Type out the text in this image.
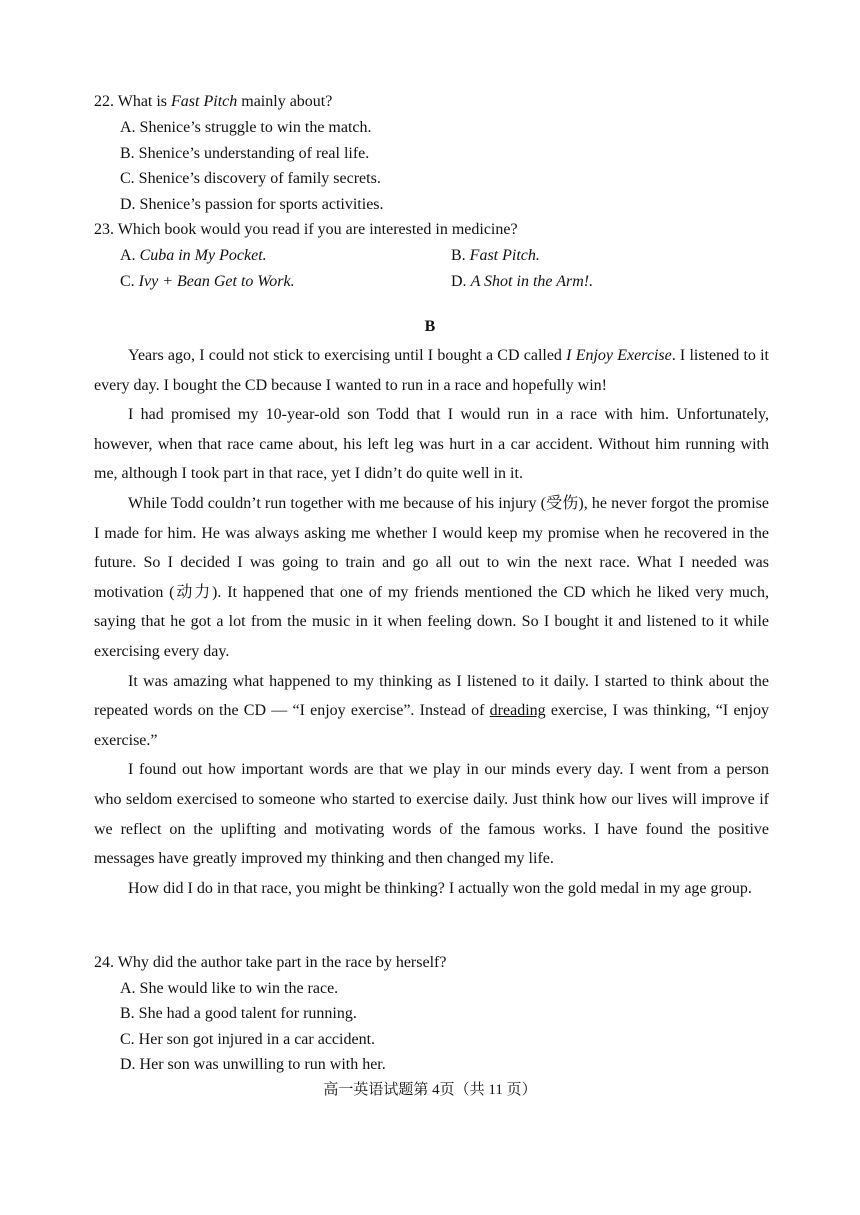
22. What is Fast Pitch mainly about?
A. Shenice’s struggle to win the match.
B. Shenice’s understanding of real life.
C. Shenice’s discovery of family secrets.
D. Shenice’s passion for sports activities.
23. Which book would you read if you are interested in medicine?
A. Cuba in My Pocket.	B. Fast Pitch.
C. Ivy + Bean Get to Work.	D. A Shot in the Arm!.
B

Years ago, I could not stick to exercising until I bought a CD called I Enjoy Exercise. I listened to it every day. I bought the CD because I wanted to run in a race and hopefully win!

I had promised my 10-year-old son Todd that I would run in a race with him. Unfortunately, however, when that race came about, his left leg was hurt in a car accident. Without him running with me, although I took part in that race, yet I didn’t do quite well in it.

While Todd couldn’t run together with me because of his injury (受伤), he never forgot the promise I made for him. He was always asking me whether I would keep my promise when he recovered in the future. So I decided I was going to train and go all out to win the next race. What I needed was motivation (动力). It happened that one of my friends mentioned the CD which he liked very much, saying that he got a lot from the music in it when feeling down. So I bought it and listened to it while exercising every day.

It was amazing what happened to my thinking as I listened to it daily. I started to think about the repeated words on the CD — “I enjoy exercise”. Instead of dreading exercise, I was thinking, “I enjoy exercise.”

I found out how important words are that we play in our minds every day. I went from a person who seldom exercised to someone who started to exercise daily. Just think how our lives will improve if we reflect on the uplifting and motivating words of the famous works. I have found the positive messages have greatly improved my thinking and then changed my life.

How did I do in that race, you might be thinking? I actually won the gold medal in my age group.

24. Why did the author take part in the race by herself?
A. She would like to win the race.
B. She had a good talent for running.
C. Her son got injured in a car accident.
D. Her son was unwilling to run with her.
高一英语试题第 4页（共 11 页）
